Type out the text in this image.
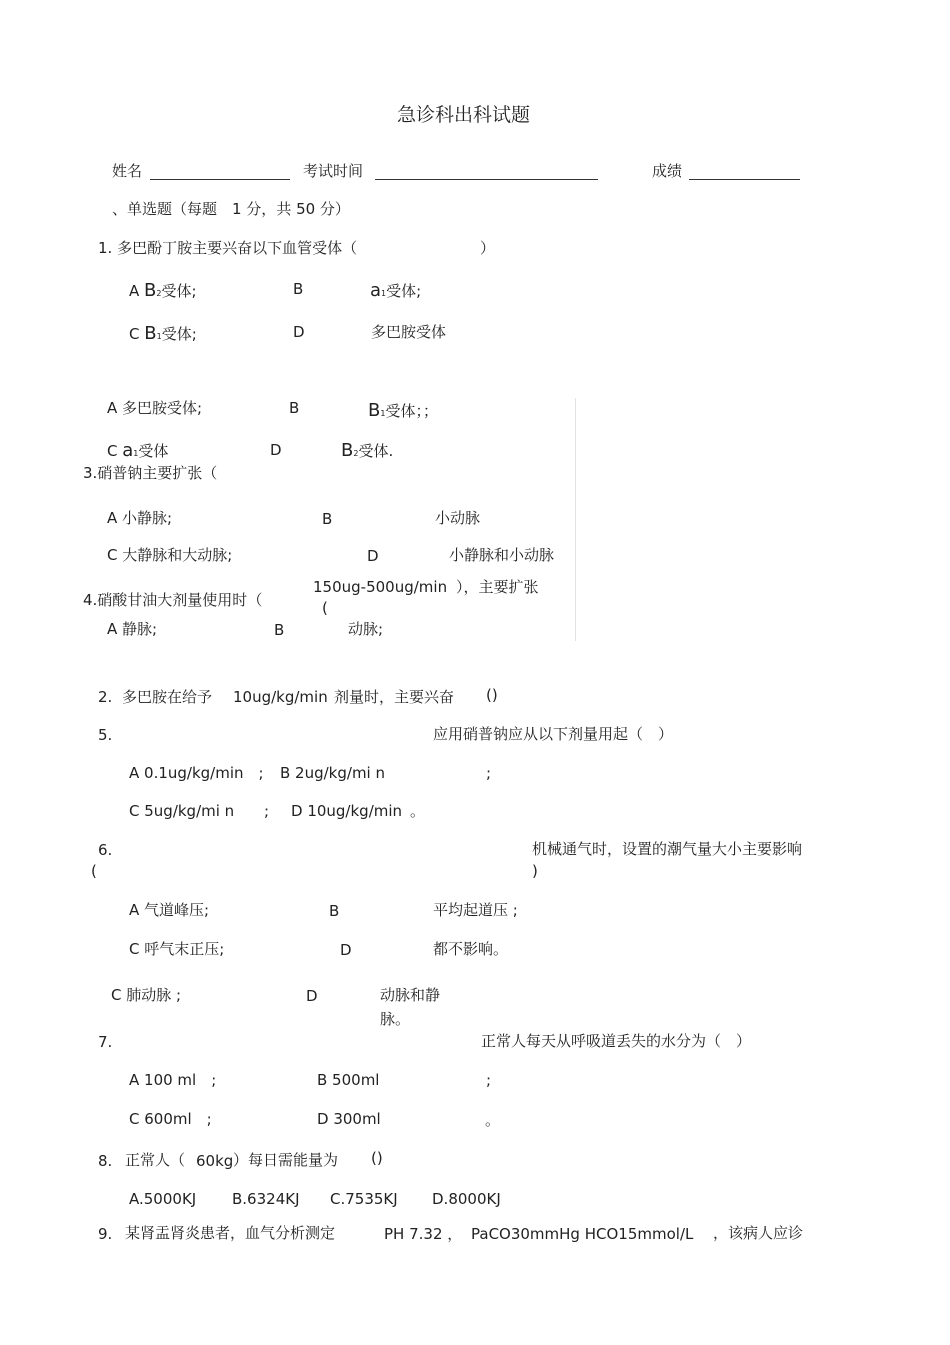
急诊科出科试题
姓名	考试时间	成绩
、单选题（每题　1 分，共 50 分）
1. 多巴酚丁胺主要兴奋以下血管受体（	）
A B2受体;	B	a1受体;
C B1受体;	D	多巴胺受体
A 多巴胺受体;	B	B1受体；；
C a1受体	D	B2受体.
3.硝普钠主要扩张（
A 小静脉;	B	小动脉
C 大静脉和大动脉;	D	小静脉和小动脉
150ug-500ug/min ），主要扩张
(
4.硝酸甘油大剂量使用时（
A 静脉;	B	动脉;
2. 多巴胺在给予 10ug/kg/min 剂量时，主要兴奋 ()
5.	应用硝普钠应从以下剂量用起（　）
A 0.1ug/kg/min　; B 2ug/kg/mi n	;
C 5ug/kg/mi n ; D 10ug/kg/min 。
6.	机械通气时，设置的潮气量大小主要影响
(	)
A 气道峰压;	B	平均起道压 ;
C 呼气末正压;	D	都不影响。
C 肺动脉 ;	D	动脉和静
脉。
7.	正常人每天从呼吸道丢失的水分为（　）
A 100 ml　;	B 500ml	;
C 600ml　;	D 300ml	。
8. 正常人（ 60kg ）每日需能量为 ()
A.5000KJ B.6324KJ C.7535KJ D.8000KJ
9. 某肾盂肾炎患者，血气分析测定	PH 7.32 ， PaCO30mmHg HCO15mmol/L ，该病人应诊
